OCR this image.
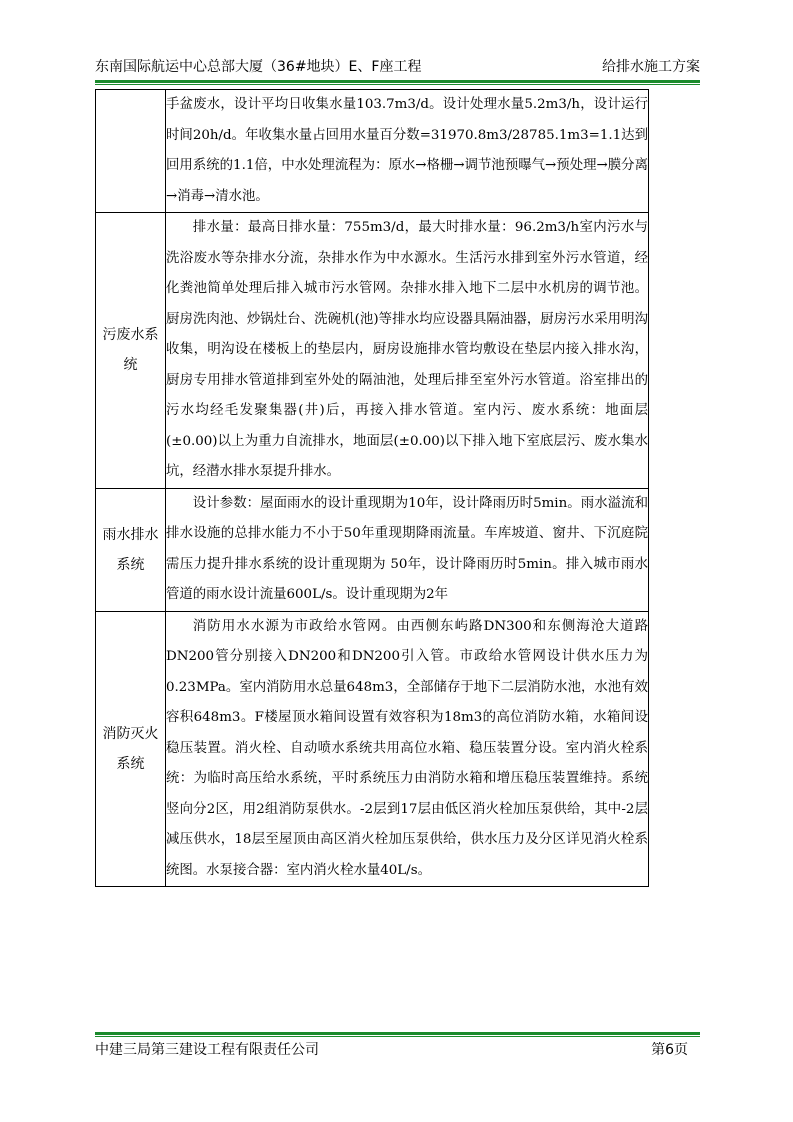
东南国际航运中心总部大厦（36#地块）E、F座工程	给排水施工方案

	手盆废水，设计平均日收集水量103.7m3/d。设计处理水量5.2m3/h，设计运行时间20h/d。年收集水量占回用水量百分数=31970.8m3/28785.1m3=1.1达到回用系统的1.1倍，中水处理流程为：原水→格栅→调节池预曝气→预处理→膜分离→消毒→清水池。

污废水系统	排水量：最高日排水量：755m3/d，最大时排水量：96.2m3/h室内污水与洗浴废水等杂排水分流，杂排水作为中水源水。生活污水排到室外污水管道，经化粪池简单处理后排入城市污水管网。杂排水排入地下二层中水机房的调节池。厨房洗肉池、炒锅灶台、洗碗机(池)等排水均应设器具隔油器，厨房污水采用明沟收集，明沟设在楼板上的垫层内，厨房设施排水管均敷设在垫层内接入排水沟，厨房专用排水管道排到室外处的隔油池，处理后排至室外污水管道。浴室排出的污水均经毛发聚集器(井)后，再接入排水管道。室内污、废水系统：地面层(±0.00)以上为重力自流排水，地面层(±0.00)以下排入地下室底层污、废水集水坑，经潜水排水泵提升排水。

雨水排水系统	设计参数：屋面雨水的设计重现期为10年，设计降雨历时5min。雨水溢流和排水设施的总排水能力不小于50年重现期降雨流量。车库坡道、窗井、下沉庭院需压力提升排水系统的设计重现期为 50年，设计降雨历时5min。排入城市雨水管道的雨水设计流量600L/s。设计重现期为2年

消防灭火系统	消防用水水源为市政给水管网。由西侧东屿路DN300和东侧海沧大道路DN200管分别接入DN200和DN200引入管。市政给水管网设计供水压力为0.23MPa。室内消防用水总量648m3，全部储存于地下二层消防水池，水池有效容积648m3。F楼屋顶水箱间设置有效容积为18m3的高位消防水箱，水箱间设稳压装置。消火栓、自动喷水系统共用高位水箱、稳压装置分设。室内消火栓系统：为临时高压给水系统，平时系统压力由消防水箱和增压稳压装置维持。系统竖向分2区，用2组消防泵供水。-2层到17层由低区消火栓加压泵供给，其中-2层减压供水，18层至屋顶由高区消火栓加压泵供给，供水压力及分区详见消火栓系统图。水泵接合器：室内消火栓水量40L/s。

中建三局第三建设工程有限责任公司	第6页
